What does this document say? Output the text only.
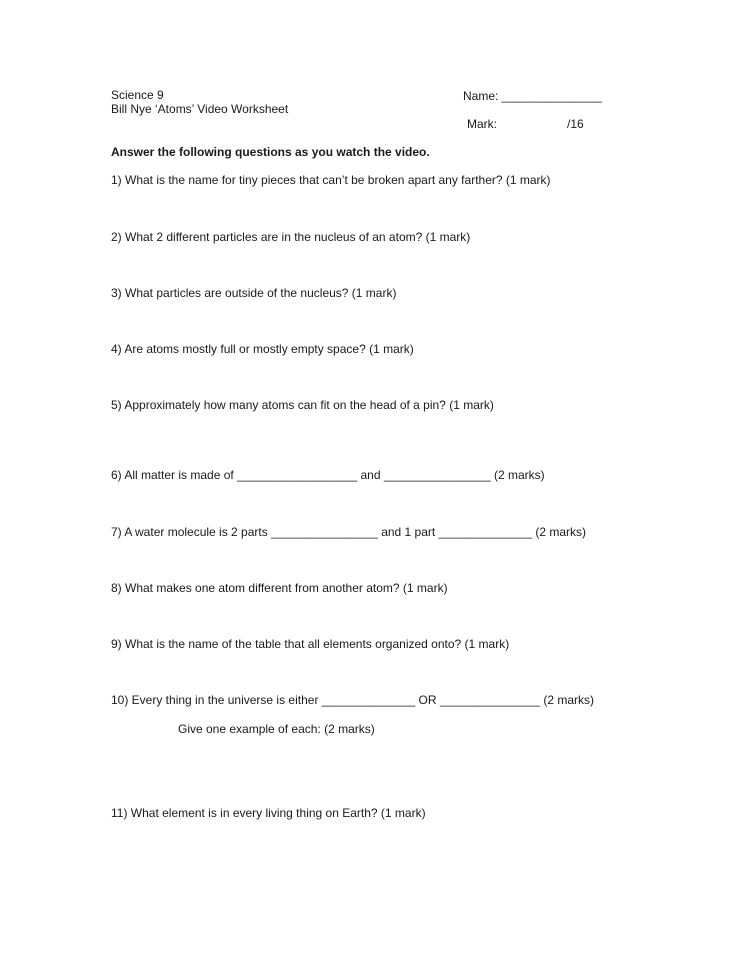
Science 9
Bill Nye ‘Atoms’ Video Worksheet
Name: _______________
Mark:	/16
Answer the following questions as you watch the video.
1) What is the name for tiny pieces that can’t be broken apart any farther? (1 mark)
2) What 2 different particles are in the nucleus of an atom? (1 mark)
3) What particles are outside of the nucleus? (1 mark)
4) Are atoms mostly full or mostly empty space? (1 mark)
5) Approximately how many atoms can fit on the head of a pin? (1 mark)
6) All matter is made of __________________ and ________________ (2 marks)
7) A water molecule is 2 parts ________________ and 1 part ______________ (2 marks)
8) What makes one atom different from another atom? (1 mark)
9) What is the name of the table that all elements organized onto? (1 mark)
10) Every thing in the universe is either ______________ OR _______________ (2 marks)
Give one example of each: (2 marks)
11) What element is in every living thing on Earth? (1 mark)
